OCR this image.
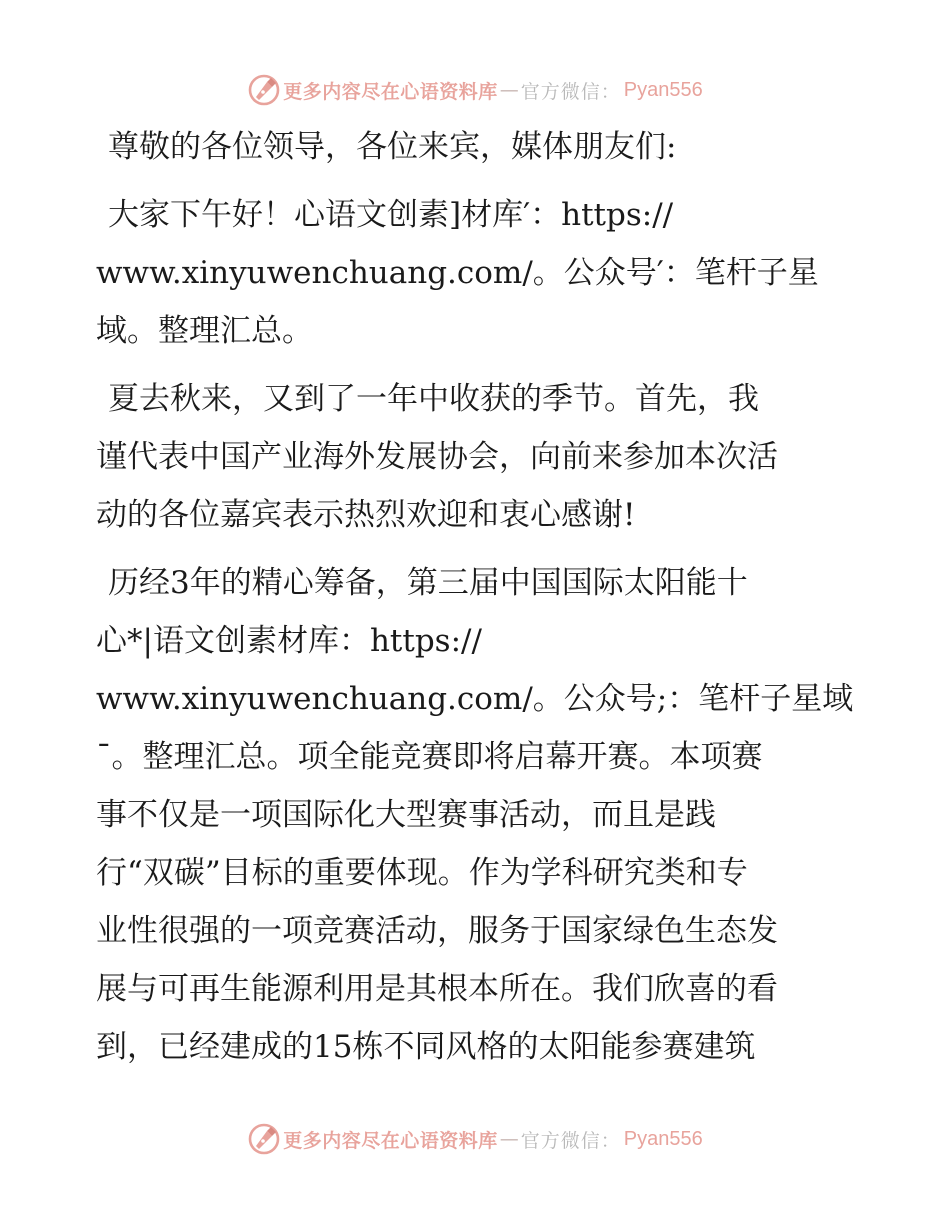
更多内容尽在心语资料库 — 官方微信 ： Pyan556
尊敬的各位领导，各位来宾，媒体朋友们:
大家下午好！心语文创素]材库′：https://
www.xinyuwenchuang.com/。公众号′：笔杆子星
域。整理汇总。
夏去秋来，又到了一年中收获的季节。首先，我
谨代表中国产业海外发展协会，向前来参加本次活
动的各位嘉宾表示热烈欢迎和衷心感谢!
历经3年的精心筹备，第三届中国国际太阳能十
心*|语文创素材库：https://
www.xinyuwenchuang.com/。公众号;：笔杆子星域
¯。整理汇总。项全能竞赛即将启幕开赛。本项赛
事不仅是一项国际化大型赛事活动，而且是践
行“双碳”目标的重要体现。作为学科研究类和专
业性很强的一项竞赛活动，服务于国家绿色生态发
展与可再生能源利用是其根本所在。我们欣喜的看
到，已经建成的15栋不同风格的太阳能参赛建筑
更多内容尽在心语资料库 — 官方微信 ： Pyan556
